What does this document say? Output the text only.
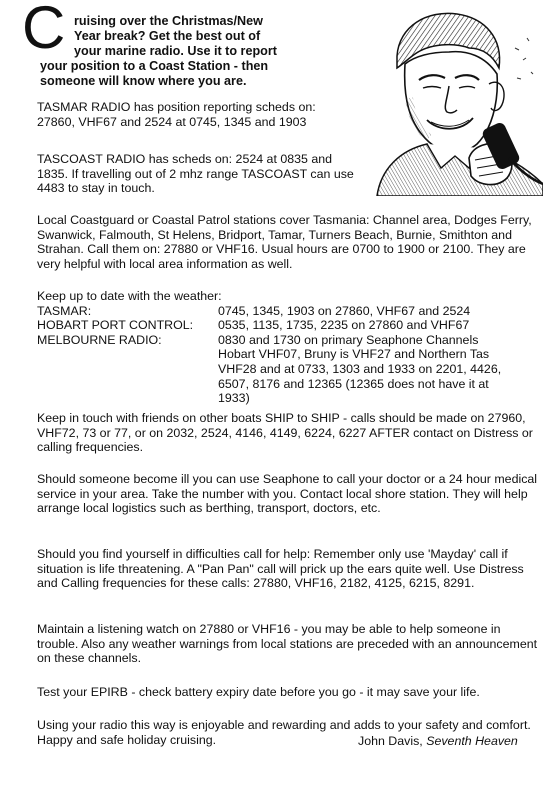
C ruising over the Christmas/New
Year break? Get the best out of
your marine radio. Use it to report
your position to a Coast Station - then
someone will know where you are.

TASMAR RADIO has position reporting scheds on: 27860, VHF67 and 2524 at 0745, 1345 and 1903

TASCOAST RADIO has scheds on: 2524 at 0835 and 1835. If travelling out of 2 mhz range TASCOAST can use 4483 to stay in touch.

Local Coastguard or Coastal Patrol stations cover Tasmania: Channel area, Dodges Ferry, Swanwick, Falmouth, St Helens, Bridport, Tamar, Turners Beach, Burnie, Smithton and Strahan. Call them on: 27880 or VHF16. Usual hours are 0700 to 1900 or 2100. They are very helpful with local area information as well.

Keep up to date with the weather:
TASMAR:	0745, 1345, 1903 on 27860, VHF67 and 2524
HOBART PORT CONTROL:	0535, 1135, 1735, 2235 on 27860 and VHF67
MELBOURNE RADIO:	0830 and 1730 on primary Seaphone Channels Hobart VHF07, Bruny is VHF27 and Northern Tas VHF28 and at 0733, 1303 and 1933 on 2201, 4426, 6507, 8176 and 12365 (12365 does not have it at 1933)

Keep in touch with friends on other boats SHIP to SHIP - calls should be made on 27960, VHF72, 73 or 77, or on 2032, 2524, 4146, 4149, 6224, 6227 AFTER contact on Distress or calling frequencies.

Should someone become ill you can use Seaphone to call your doctor or a 24 hour medical service in your area. Take the number with you. Contact local shore station. They will help arrange local logistics such as berthing, transport, doctors, etc.

Should you find yourself in difficulties call for help: Remember only use 'Mayday' call if situation is life threatening. A "Pan Pan" call will prick up the ears quite well. Use Distress and Calling frequencies for these calls: 27880, VHF16, 2182, 4125, 6215, 8291.

Maintain a listening watch on 27880 or VHF16 - you may be able to help someone in trouble. Also any weather warnings from local stations are preceded with an announcement on these channels.

Test your EPIRB - check battery expiry date before you go - it may save your life.

Using your radio this way is enjoyable and rewarding and adds to your safety and comfort. Happy and safe holiday cruising.	John Davis, Seventh Heaven
